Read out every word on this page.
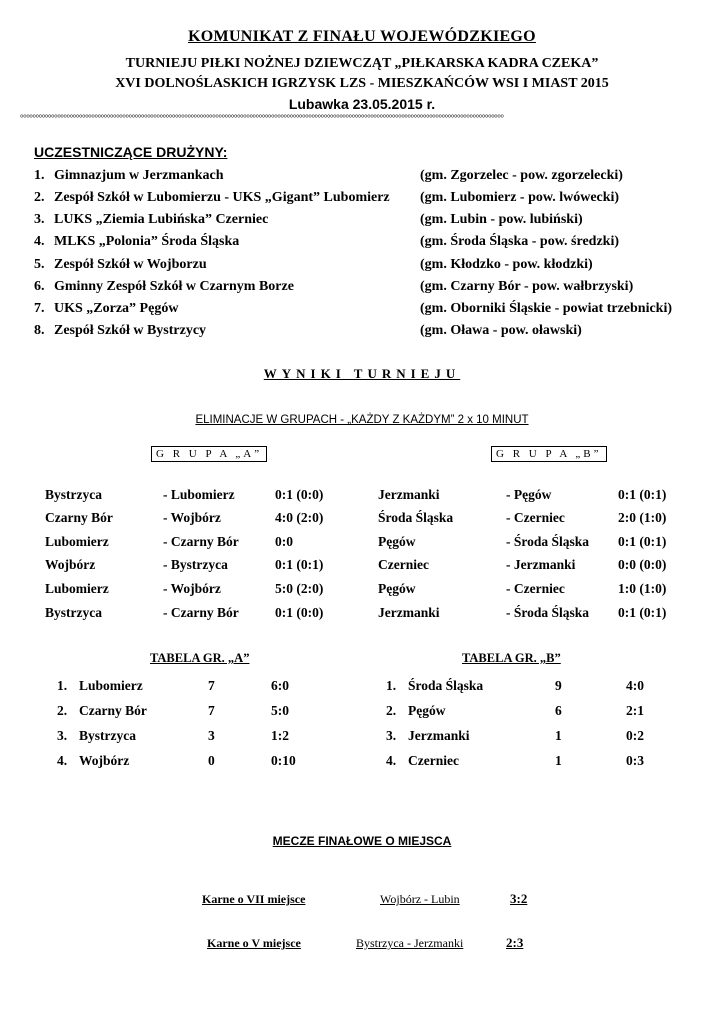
KOMUNIKAT Z FINAŁU WOJEWÓDZKIEGO
TURNIEJU PIŁKI NOŻNEJ DZIEWCZĄT „PIŁKARSKA KADRA CZEKA”
XVI DOLNOŚLASKICH IGRZYSK LZS - MIESZKAŃCÓW WSI I MIAST 2015
Lubawka 23.05.2015 r.
°°°°°°°°°°°°°°°°°°°°°°°°°°°°°°°°°°°°°°°°°°°°°°°°°°°°°°°°°°°°°°°°°°°°°°°°°°°°°°°°°°°°°°°°°°°°°°°°°°°°°°°°°°°°°°°°°°°°°°°°°°°°°°°°°°°°°°°°°°°°°°°°°°°°°°°°°°°°
UCZESTNICZĄCE DRUŻYNY:
1. Gimnazjum w Jerzmankach	(gm. Zgorzelec - pow. zgorzelecki)
2. Zespół Szkół w Lubomierzu - UKS „Gigant” Lubomierz (gm. Lubomierz - pow. lwówecki)
3. LUKS „Ziemia Lubińska” Czerniec	(gm. Lubin - pow. lubiński)
4. MLKS „Polonia” Środa Śląska	(gm. Środa Śląska - pow. średzki)
5. Zespół Szkół w Wojborzu	(gm. Kłodzko - pow. kłodzki)
6. Gminny Zespół Szkół w Czarnym Borze	(gm. Czarny Bór - pow. wałbrzyski)
7. UKS „Zorza” Pęgów	(gm. Oborniki Śląskie - powiat trzebnicki)
8. Zespół Szkół w Bystrzycy	(gm. Oława - pow. oławski)
WYNIKI TURNIEJU
ELIMINACJE W GRUPACH - „KAŻDY Z KAŻDYM” 2 x 10 MINUT
G R U P A „A”	G R U P A „B”
Bystrzyca	- Lubomierz	0:1 (0:0)
Czarny Bór	- Wojbórz	4:0 (2:0)
Lubomierz	- Czarny Bór	0:0
Wojbórz	- Bystrzyca	0:1 (0:1)
Lubomierz	- Wojbórz	5:0 (2:0)
Bystrzyca	- Czarny Bór	0:1 (0:0)
Jerzmanki	- Pęgów	0:1 (0:1)
Środa Śląska	- Czerniec	2:0 (1:0)
Pęgów	- Środa Śląska 0:1 (0:1)
Czerniec	- Jerzmanki	0:0 (0:0)
Pęgów	- Czerniec	1:0 (1:0)
Jerzmanki	- Środa Śląska 0:1 (0:1)
TABELA GR. „A”	TABELA GR. „B”
1. Lubomierz	7	6:0
2. Czarny Bór	7	5:0
3. Bystrzyca	3	1:2
4. Wojbórz	0	0:10
1. Środa Śląska	9	4:0
2. Pęgów	6	2:1
3. Jerzmanki	1	0:2
4. Czerniec	1	0:3
MECZE FINAŁOWE O MIEJSCA
Karne o VII miejsce	Wojbórz - Lubin	3:2
Karne o V miejsce	Bystrzyca - Jerzmanki	2:3
